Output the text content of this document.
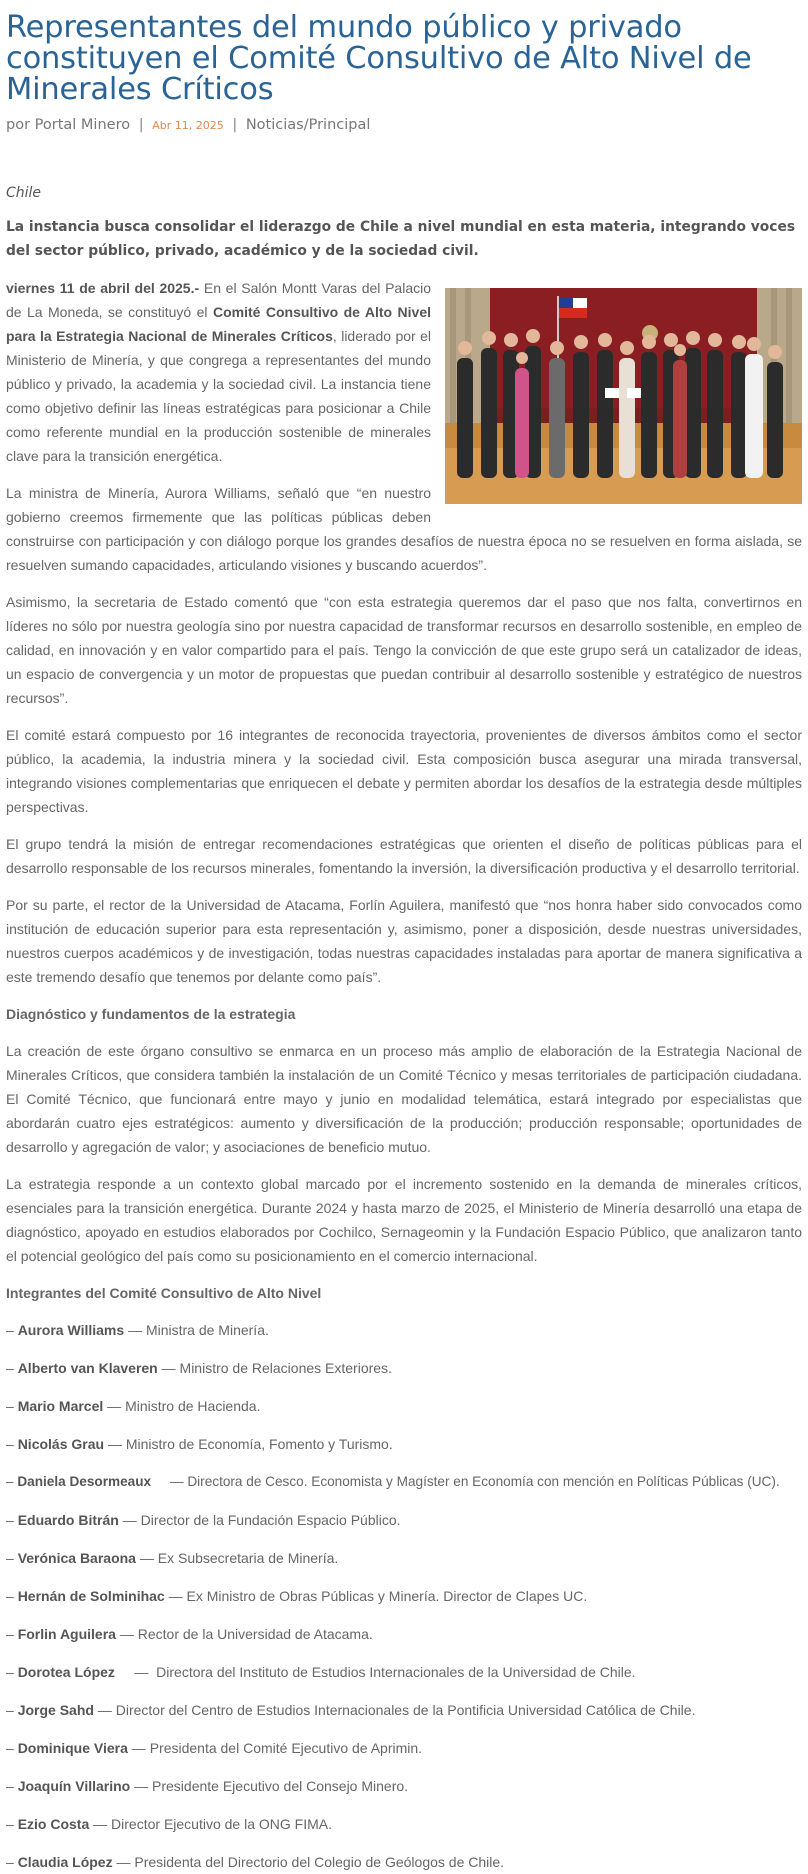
Representantes del mundo público y privado constituyen el Comité Consultivo de Alto Nivel de Minerales Críticos
por Portal Minero | Abr 11, 2025 | Noticias/Principal
Chile
La instancia busca consolidar el liderazgo de Chile a nivel mundial en esta materia, integrando voces del sector público, privado, académico y de la sociedad civil.

viernes 11 de abril del 2025.- En el Salón Montt Varas del Palacio de La Moneda, se constituyó el Comité Consultivo de Alto Nivel para la Estrategia Nacional de Minerales Críticos, liderado por el Ministerio de Minería, y que congrega a representantes del mundo público y privado, la academia y la sociedad civil. La instancia tiene como objetivo definir las líneas estratégicas para posicionar a Chile como referente mundial en la producción sostenible de minerales clave para la transición energética.

La ministra de Minería, Aurora Williams, señaló que “en nuestro gobierno creemos firmemente que las políticas públicas deben construirse con participación y con diálogo porque los grandes desafíos de nuestra época no se resuelven en forma aislada, se resuelven sumando capacidades, articulando visiones y buscando acuerdos”.

Asimismo, la secretaria de Estado comentó que “con esta estrategia queremos dar el paso que nos falta, convertirnos en líderes no sólo por nuestra geología sino por nuestra capacidad de transformar recursos en desarrollo sostenible, en empleo de calidad, en innovación y en valor compartido para el país. Tengo la convicción de que este grupo será un catalizador de ideas, un espacio de convergencia y un motor de propuestas que puedan contribuir al desarrollo sostenible y estratégico de nuestros recursos”.

El comité estará compuesto por 16 integrantes de reconocida trayectoria, provenientes de diversos ámbitos como el sector público, la academia, la industria minera y la sociedad civil. Esta composición busca asegurar una mirada transversal, integrando visiones complementarias que enriquecen el debate y permiten abordar los desafíos de la estrategia desde múltiples perspectivas.

El grupo tendrá la misión de entregar recomendaciones estratégicas que orienten el diseño de políticas públicas para el desarrollo responsable de los recursos minerales, fomentando la inversión, la diversificación productiva y el desarrollo territorial.

Por su parte, el rector de la Universidad de Atacama, Forlín Aguilera, manifestó que “nos honra haber sido convocados como institución de educación superior para esta representación y, asimismo, poner a disposición, desde nuestras universidades, nuestros cuerpos académicos y de investigación, todas nuestras capacidades instaladas para aportar de manera significativa a este tremendo desafío que tenemos por delante como país”.

Diagnóstico y fundamentos de la estrategia

La creación de este órgano consultivo se enmarca en un proceso más amplio de elaboración de la Estrategia Nacional de Minerales Críticos, que considera también la instalación de un Comité Técnico y mesas territoriales de participación ciudadana. El Comité Técnico, que funcionará entre mayo y junio en modalidad telemática, estará integrado por especialistas que abordarán cuatro ejes estratégicos: aumento y diversificación de la producción; producción responsable; oportunidades de desarrollo y agregación de valor; y asociaciones de beneficio mutuo.

La estrategia responde a un contexto global marcado por el incremento sostenido en la demanda de minerales críticos, esenciales para la transición energética. Durante 2024 y hasta marzo de 2025, el Ministerio de Minería desarrolló una etapa de diagnóstico, apoyado en estudios elaborados por Cochilco, Sernageomin y la Fundación Espacio Público, que analizaron tanto el potencial geológico del país como su posicionamiento en el comercio internacional.

Integrantes del Comité Consultivo de Alto Nivel
– Aurora Williams — Ministra de Minería.
– Alberto van Klaveren — Ministro de Relaciones Exteriores.
– Mario Marcel — Ministro de Hacienda.
– Nicolás Grau — Ministro de Economía, Fomento y Turismo.
– Daniela Desormeaux     — Directora de Cesco. Economista y Magíster en Economía con mención en Políticas Públicas (UC).
– Eduardo Bitrán — Director de la Fundación Espacio Público.
– Verónica Baraona — Ex Subsecretaria de Minería.
– Hernán de Solminihac — Ex Ministro de Obras Públicas y Minería. Director de Clapes UC.
– Forlin Aguilera — Rector de la Universidad de Atacama.
– Dorotea López     —  Directora del Instituto de Estudios Internacionales de la Universidad de Chile.
– Jorge Sahd — Director del Centro de Estudios Internacionales de la Pontificia Universidad Católica de Chile.
– Dominique Viera — Presidenta del Comité Ejecutivo de Aprimin.
– Joaquín Villarino — Presidente Ejecutivo del Consejo Minero.
– Ezio Costa — Director Ejecutivo de la ONG FIMA.
– Claudia López — Presidenta del Directorio del Colegio de Geólogos de Chile.
